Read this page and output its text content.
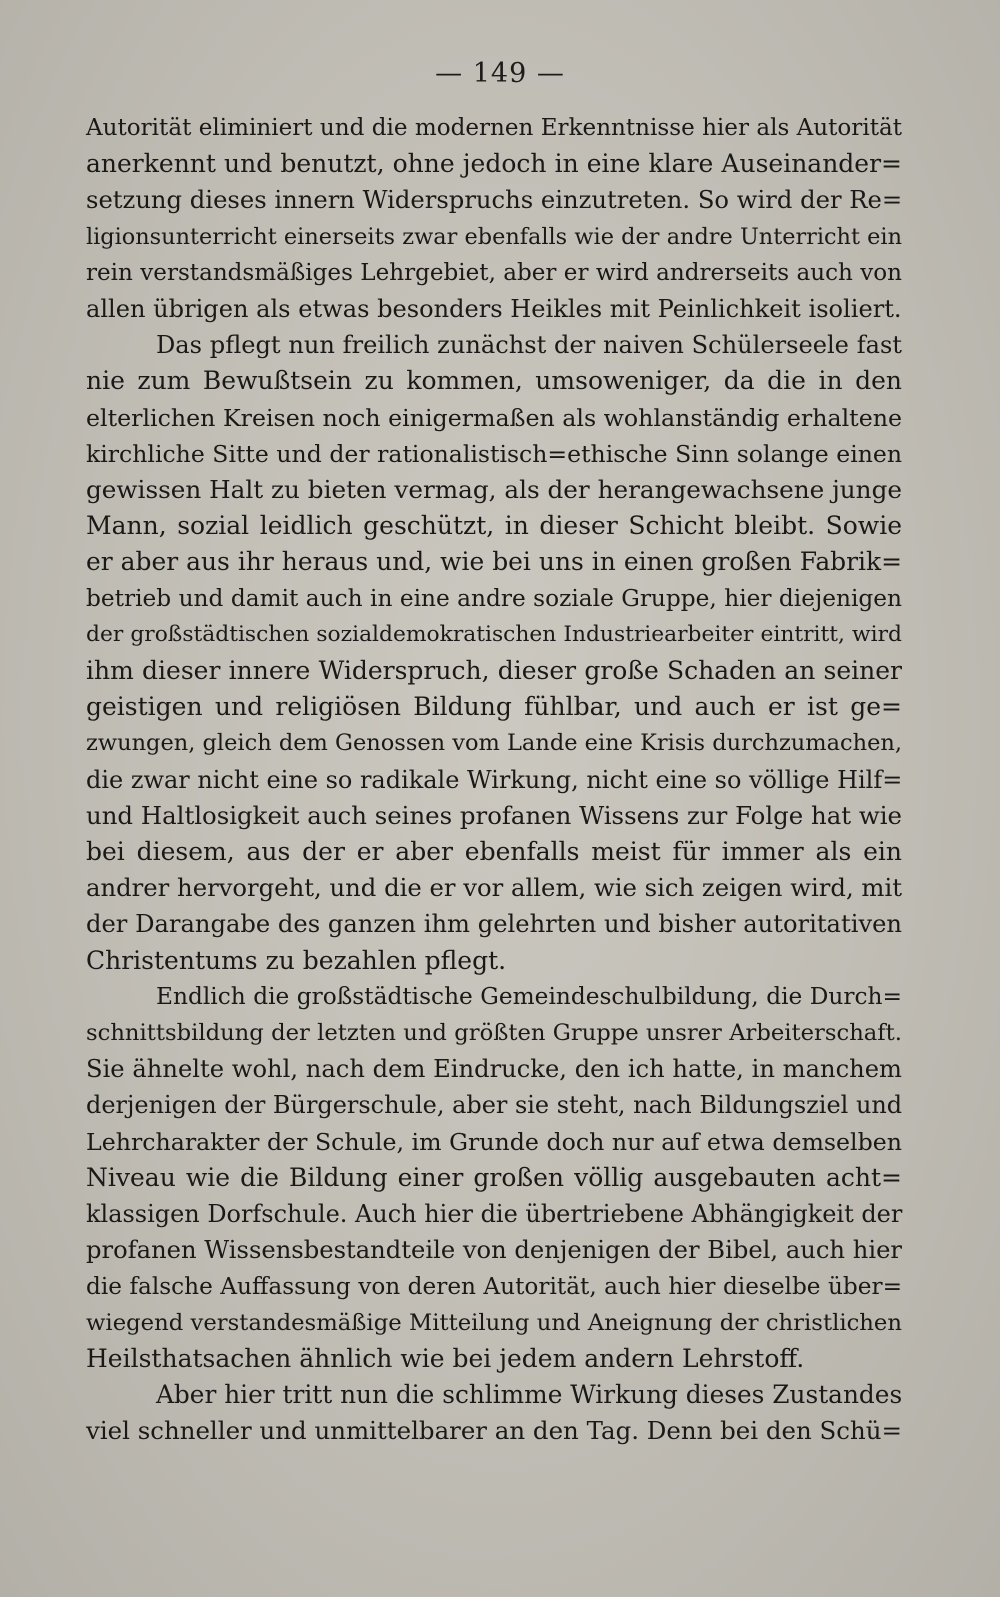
— 149 —
Autorität eliminiert und die modernen Erkenntnisse hier als Autorität
anerkennt und benutzt, ohne jedoch in eine klare Auseinander=
setzung dieses innern Widerspruchs einzutreten. So wird der Re=
ligionsunterricht einerseits zwar ebenfalls wie der andre Unterricht ein
rein verstandsmäßiges Lehrgebiet, aber er wird andrerseits auch von
allen übrigen als etwas besonders Heikles mit Peinlichkeit isoliert.
Das pflegt nun freilich zunächst der naiven Schülerseele fast
nie zum Bewußtsein zu kommen, umsoweniger, da die in den
elterlichen Kreisen noch einigermaßen als wohlanständig erhaltene
kirchliche Sitte und der rationalistisch=ethische Sinn solange einen
gewissen Halt zu bieten vermag, als der herangewachsene junge
Mann, sozial leidlich geschützt, in dieser Schicht bleibt. Sowie
er aber aus ihr heraus und, wie bei uns in einen großen Fabrik=
betrieb und damit auch in eine andre soziale Gruppe, hier diejenigen
der großstädtischen sozialdemokratischen Industriearbeiter eintritt, wird
ihm dieser innere Widerspruch, dieser große Schaden an seiner
geistigen und religiösen Bildung fühlbar, und auch er ist ge=
zwungen, gleich dem Genossen vom Lande eine Krisis durchzumachen,
die zwar nicht eine so radikale Wirkung, nicht eine so völlige Hilf=
und Haltlosigkeit auch seines profanen Wissens zur Folge hat wie
bei diesem, aus der er aber ebenfalls meist für immer als ein
andrer hervorgeht, und die er vor allem, wie sich zeigen wird, mit
der Darangabe des ganzen ihm gelehrten und bisher autoritativen
Christentums zu bezahlen pflegt.
Endlich die großstädtische Gemeindeschulbildung, die Durch=
schnittsbildung der letzten und größten Gruppe unsrer Arbeiterschaft.
Sie ähnelte wohl, nach dem Eindrucke, den ich hatte, in manchem
derjenigen der Bürgerschule, aber sie steht, nach Bildungsziel und
Lehrcharakter der Schule, im Grunde doch nur auf etwa demselben
Niveau wie die Bildung einer großen völlig ausgebauten acht=
klassigen Dorfschule. Auch hier die übertriebene Abhängigkeit der
profanen Wissensbestandteile von denjenigen der Bibel, auch hier
die falsche Auffassung von deren Autorität, auch hier dieselbe über=
wiegend verstandesmäßige Mitteilung und Aneignung der christlichen
Heilsthatsachen ähnlich wie bei jedem andern Lehrstoff.
Aber hier tritt nun die schlimme Wirkung dieses Zustandes
viel schneller und unmittelbarer an den Tag. Denn bei den Schü=
